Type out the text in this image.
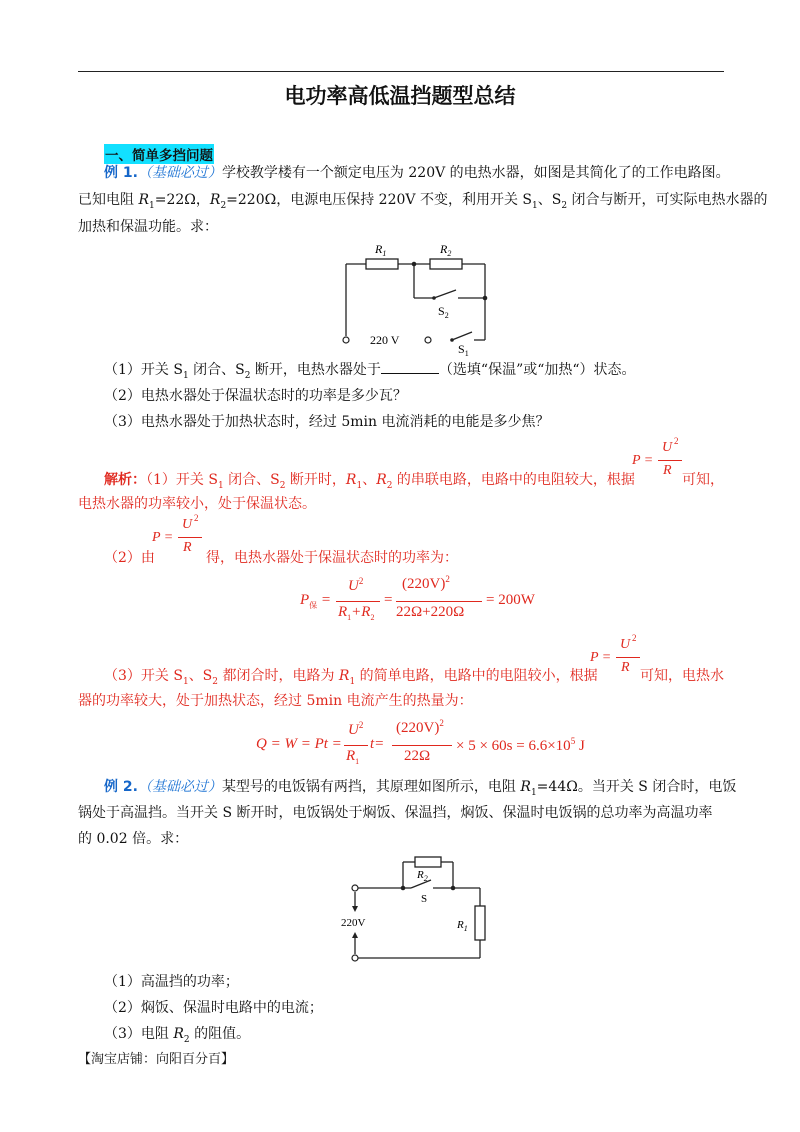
电功率高低温挡题型总结
一、简单多挡问题
例 1.（基础必过）学校教学楼有一个额定电压为 220V 的电热水器，如图是其简化了的工作电路图。
已知电阻 $R_1=22\Omega$，$R_2=220\Omega$，电源电压保持 220V 不变，利用开关 $S_1$、$S_2$ 闭合与断开，可实际电热水器的
加热和保温功能。求：
$R_1$	$R_2$
$S_2$
$S_1$
220 V
（1）开关 $S_1$ 闭合、$S_2$ 断开，电热水器处于	（选填“保温”或“加热“）状态。
（2）电热水器处于保温状态时的功率是多少瓦？
（3）电热水器处于加热状态时，经过 5min 电流消耗的电能是多少焦？
解析：（1）开关 $S_1$ 闭合、$S_2$ 断开时，$R_1$、$R_2$ 的串联电路，电路中的电阻较大，根据
P =
U 2
R
可知，
电热水器的功率较小，处于保温状态。
（2）由
P =
U 2
R
得，电热水器处于保温状态时的功率为：
$P_保$ =
$U^2$
$R_1+R_2$
=
$(220V)^2$
22Ω+220Ω
= 200W
（3）开关 $S_1$、$S_2$ 都闭合时，电路为 $R_1$ 的简单电路，电路中的电阻较小，根据
P =
U 2
R
可知，电热水
器的功率较大，处于加热状态，经过 5min 电流产生的热量为：
Q = W = Pt =
$U^2$
$R_1$
t=
$(220V)^2$
22Ω
× $5 \times 60s = 6.6\times 10^5$ J
例 2.（基础必过）某型号的电饭锅有两挡，其原理如图所示，电阻 $R_1=44\Omega$。当开关 S 闭合时，电饭
锅处于高温挡。当开关 S 断开时，电饭锅处于焖饭、保温挡，焖饭、保温时电饭锅的总功率为高温功率
的 0.02 倍。求：
$R_2$
S
$R_1$
220V
（1）高温挡的功率；
（2）焖饭、保温时电路中的电流；
（3）电阻 $R_2$ 的阻值。
【淘宝店铺：向阳百分百】
